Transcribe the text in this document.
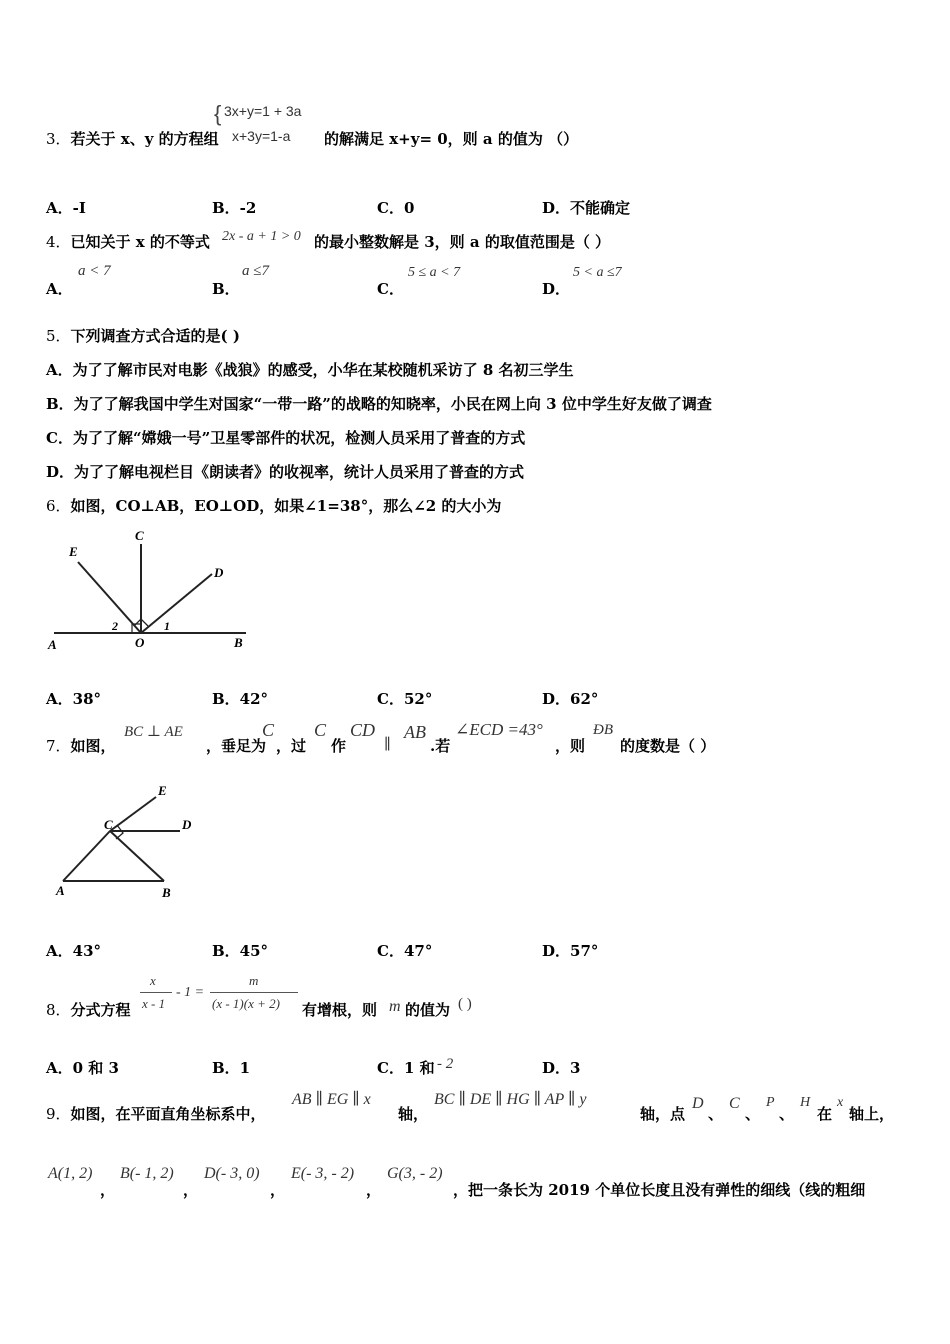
3．若关于 x、y 的方程组
{ 3x+y=1 + 3a
x+3y=1-a 的解满足 x+y= 0，则 a 的值为 （）
A．-I	B．-2	C．0	D．不能确定
4．已知关于 x 的不等式 2x - a + 1 > 0 的最小整数解是 3，则 a 的取值范围是（ ）
A．
a < 7
B．
a ≤7
C．
5 ≤ a < 7
D．
5 < a ≤7
5．下列调查方式合适的是( )
A．为了了解市民对电影《战狼》的感受，小华在某校随机采访了 8 名初三学生
B．为了了解我国中学生对国家“一带一路”的战略的知晓率，小民在网上向 3 位中学生好友做了调查
C．为了了解“嫦娥一号”卫星零部件的状况，检测人员采用了普查的方式
D．为了了解电视栏目《朗读者》的收视率，统计人员采用了普查的方式
6．如图，CO⊥AB，EO⊥OD，如果∠1=38°，那么∠2 的大小为
E
C
D
A	O	B
2	1
A．38°	B．42°	C．52°	D．62°
7．如图，
BC ⊥ AE
，垂足为
C
，过
C
作
CD
∥
AB
.若
∠ECD =43°
，则
ÐB
的度数是（ ）
E
C	D
A	B
A．43°	B．45°	C．47°	D．57°
8．分式方程
x
x - 1
- 1 =
m
(x - 1)(x + 2) 有增根，则 m 的值为 ( )
A．0 和 3	B．1	C．1 和 - 2	D．3
9．如图，在平面直角坐标系中，
AB ∥ EG ∥ x
轴，
BC ∥ DE ∥ HG ∥ AP ∥ y
轴，点
D
、
C
、
P
、
H
在
x
轴上，
A(1, 2)
，
B(- 1, 2)
，
D(- 3, 0)
，
E(- 3, - 2)
，
G(3, - 2)
，把一条长为 2019 个单位长度且没有弹性的细线（线的粗细
